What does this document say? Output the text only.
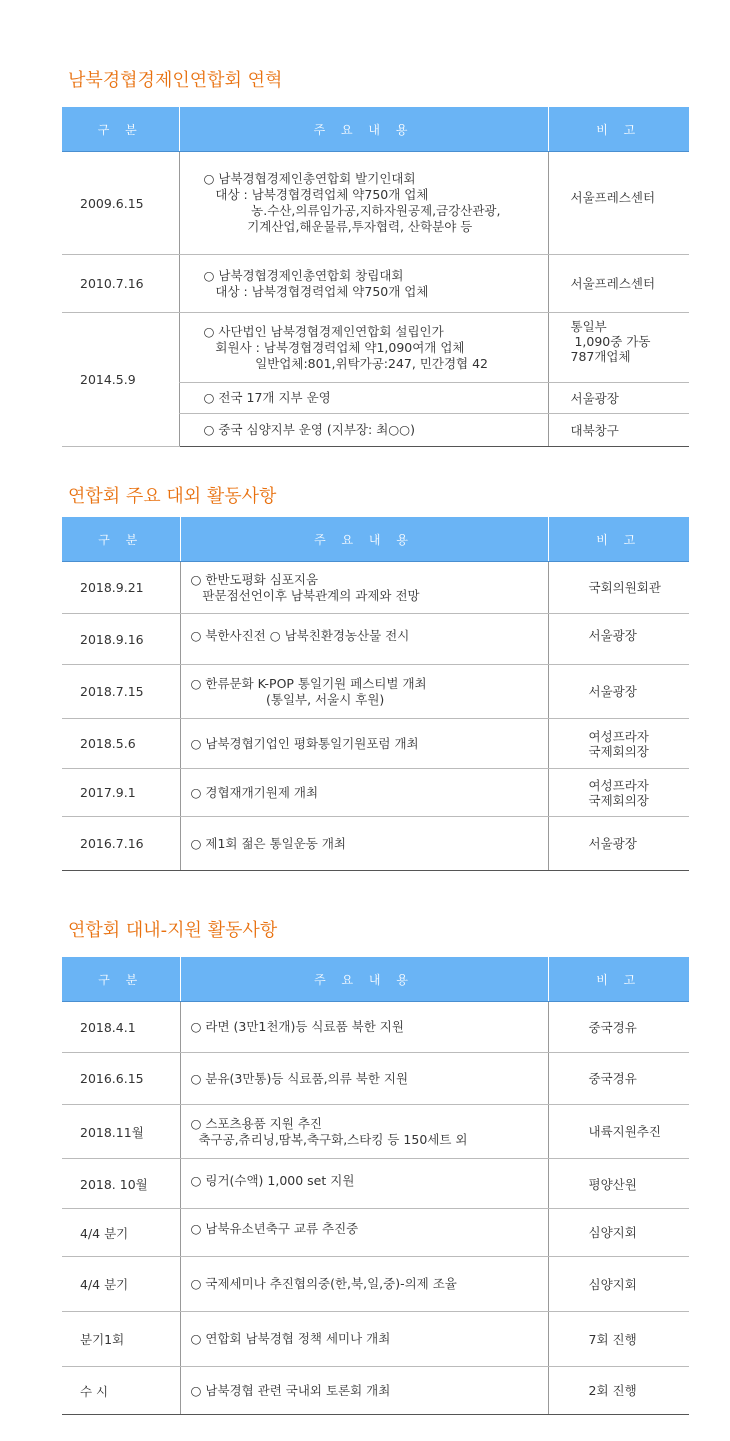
남북경협경제인연합회 연혁
구 분	주 요 내 용	비 고
2009.6.15	○ 남북경협경제인총연합회 발기인대회
대상 : 남북경협경력업체 약750개 업체
농.수산,의류임가공,지하자원공제,금강산관광,
기계산업,해운물류,투자협력, 산학분야 등	서울프레스센터

2010.7.16	○ 남북경협경제인총연합회 창립대회
대상 : 남북경협경력업체 약750개 업체	서울프레스센터

2014.5.9	○ 사단법인 남북경협경제인연합회 설립인가
회원사 : 남북경협경력업체 약1,090여개 업체
일반업체:801,위탁가공:247, 민간경협 42	통일부
1,090중 가동
787개업체

	○ 전국 17개 지부 운영	서울광장

	○ 중국 심양지부 운영 (지부장: 최○○)	대북창구
연합회 주요 대외 활동사항
구 분	주 요 내 용	비 고
2018.9.21	○ 한반도평화 심포지움
판문점선언이후 남북관계의 과제와 전망	국회의원회관

2018.9.16	○ 북한사진전 ○ 남북친환경농산물 전시	서울광장

2018.7.15	○ 한류문화 K-POP 통일기원 페스티벌 개최
(통일부, 서울시 후원)	서울광장

2018.5.6	○ 남북경협기업인 평화통일기원포럼 개최	여성프라자
국제회의장

2017.9.1	○ 경협재개기원제 개최	여성프라자
국제회의장

2016.7.16	○ 제1회 젊은 통일운동 개최	서울광장
연합회 대내-지원 활동사항
구 분	주 요 내 용	비 고
2018.4.1	○ 라면 (3만1천개)등 식료품 북한 지원	중국경유

2016.6.15	○ 분유(3만통)등 식료품,의류 북한 지원	중국경유

2018.11월	○ 스포츠용품 지원 추진
축구공,츄리닝,땀복,축구화,스타킹 등 150세트 외	내륙지원추진

2018. 10월	○ 링거(수액) 1,000 set 지원	평양산원

4/4 분기	○ 남북유소년축구 교류 추진중	심양지회

4/4 분기	○ 국제세미나 추진협의중(한,북,일,중)-의제 조율	심양지회

분기1회	○ 연합회 남북경협 정책 세미나 개최	7회 진행

수 시	○ 남북경협 관련 국내외 토론회 개최	2회 진행
